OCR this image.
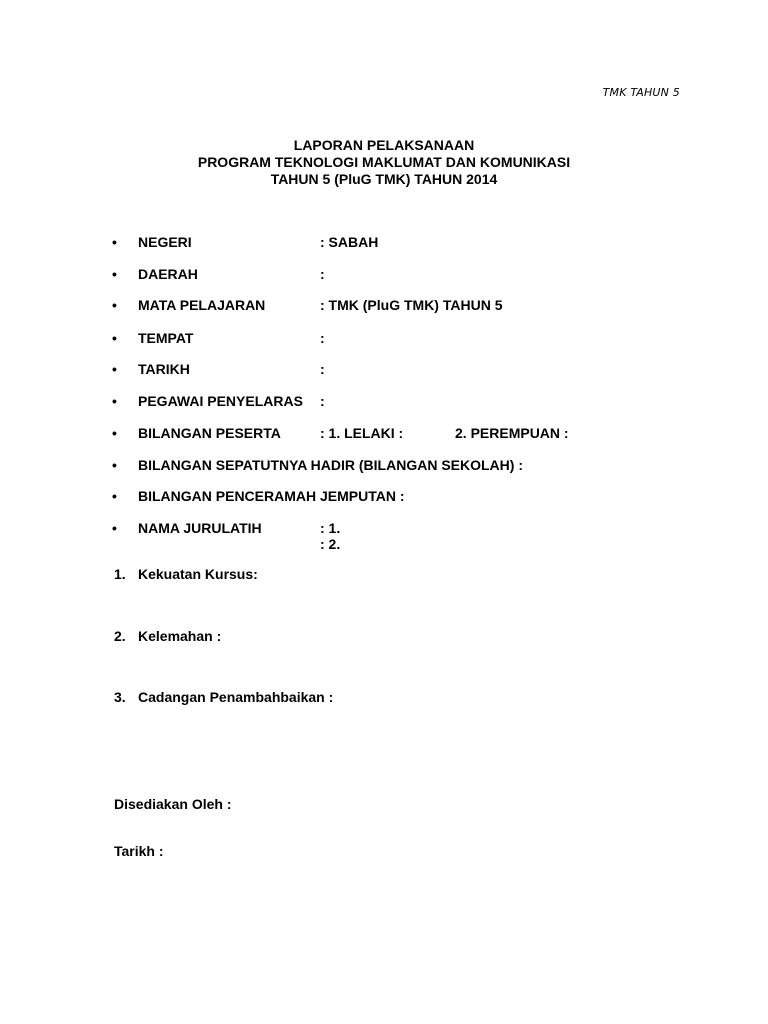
TMK TAHUN 5
LAPORAN PELAKSANAAN
PROGRAM TEKNOLOGI MAKLUMAT DAN KOMUNIKASI
TAHUN 5 (PluG TMK) TAHUN 2014
•	NEGERI	: SABAH
•	DAERAH	:
•	MATA PELAJARAN	: TMK (PluG TMK) TAHUN 5
•	TEMPAT	:
•	TARIKH	:
•	PEGAWAI PENYELARAS :
•	BILANGAN PESERTA	: 1. LELAKI :	2. PEREMPUAN :
•	BILANGAN SEPATUTNYA HADIR (BILANGAN SEKOLAH) :
•	BILANGAN PENCERAMAH JEMPUTAN :
•	NAMA JURULATIH	: 1.
: 2.
1. Kekuatan Kursus:
2. Kelemahan :
3. Cadangan Penambahbaikan :
Disediakan Oleh :
Tarikh :
